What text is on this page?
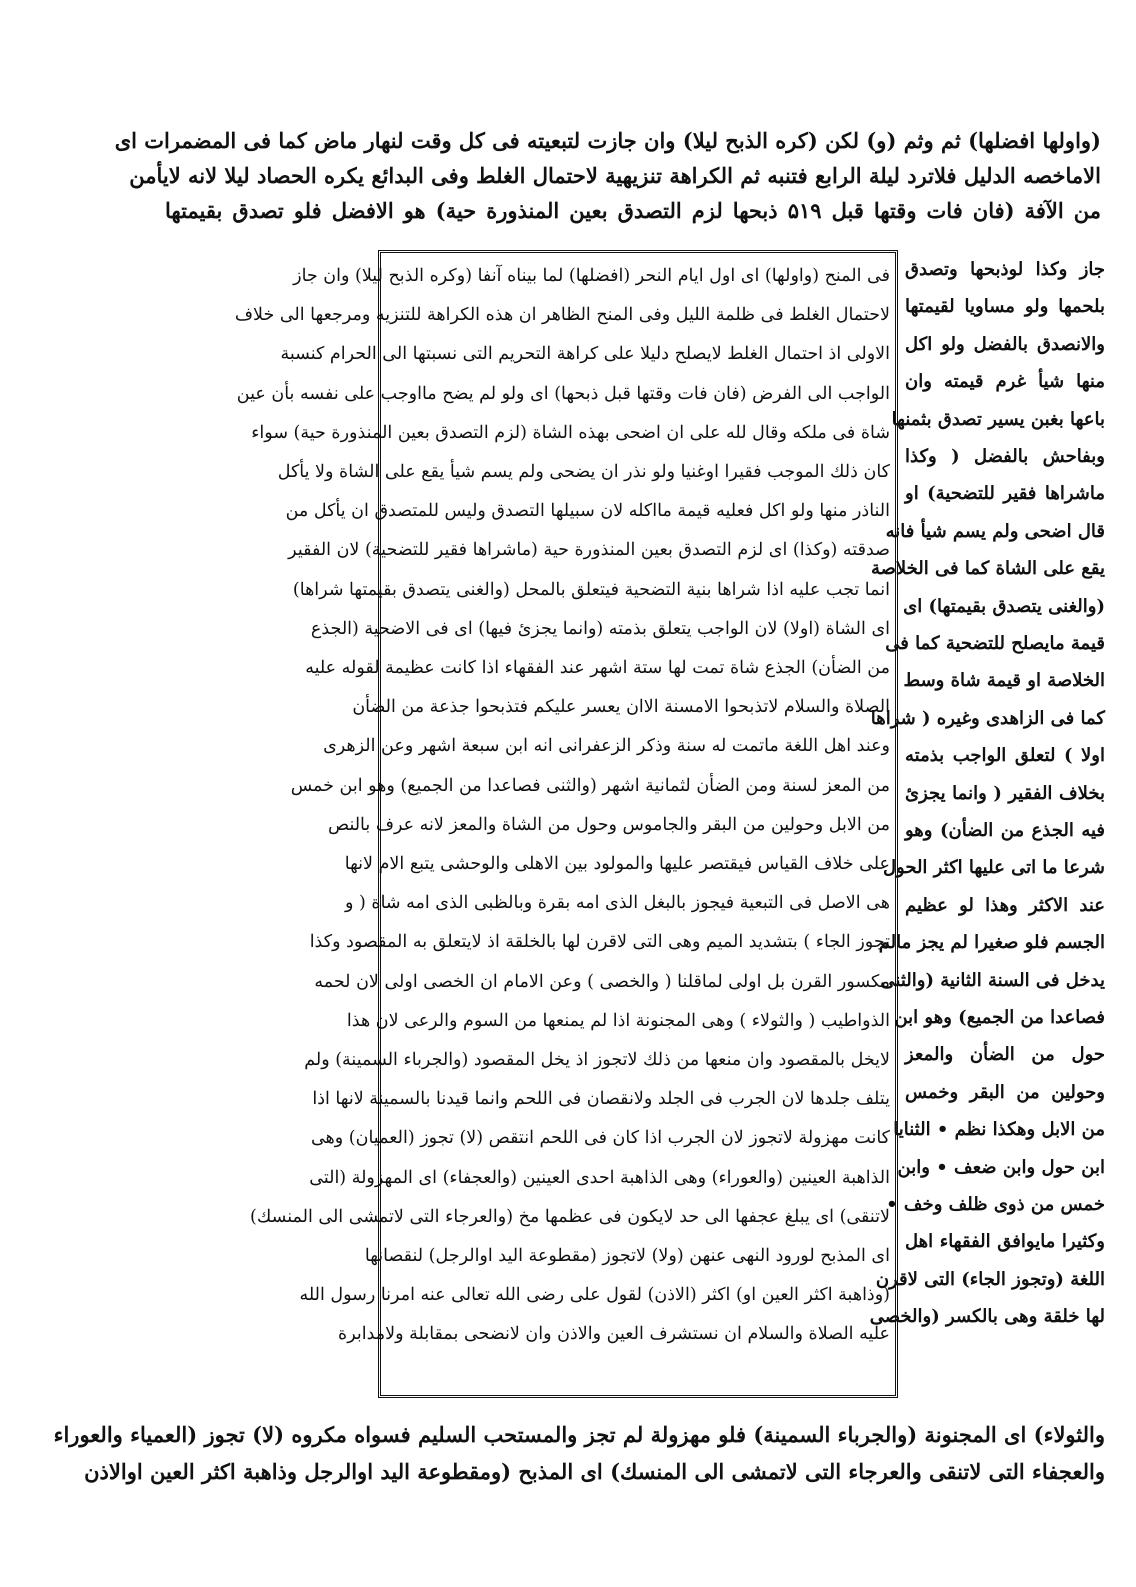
(واولها افضلها) ثم وثم (و) لكن (كره الذبح ليلا) وان جازت لتبعيته فى كل وقت لنهار ماض كما فى المضمرات اى
الاماخصه الدليل فلاترد ليلة الرابع فتنبه ثم الكراهة تنزيهية لاحتمال الغلط وفى البدائع يكره الحصاد ليلا لانه لايأمن
من الآفة (فان فات وقتها قبل ۵۱۹ ذبحها لزم التصدق بعين المنذورة حية) هو الافضل فلو تصدق بقيمتها
جاز وكذا لوذبحها وتصدق
بلحمها ولو مساويا لقيمتها
والانصدق بالفضل ولو اكل
منها شيأ غرم قيمته وان
باعها بغبن يسير تصدق بثمنها
وبفاحش بالفضل ( وكذا
ماشراها فقير للتضحية) او
قال اضحى ولم يسم شيأ فانه
يقع على الشاة كما فى الخلاصة
(والغنى يتصدق بقيمتها) اى
قيمة مايصلح للتضحية كما فى
الخلاصة او قيمة شاة وسط
كما فى الزاهدى وغيره ( شراها
اولا ) لتعلق الواجب بذمته
بخلاف الفقير ( وانما يجزئ
فيه الجذع من الضأن) وهو
شرعا ما اتى عليها اكثر الحول
عند الاكثر وهذا لو عظيم
الجسم فلو صغيرا لم يجز مالم
يدخل فى السنة الثانية (والثنى
فصاعدا من الجميع) وهو ابن
حول من الضأن والمعز
وحولين من البقر وخمس
من الابل وهكذا نظم • الثنايا
ابن حول وابن ضعف • وابن
خمس من ذوى ظلف وخف •
وكثيرا مايوافق الفقهاء اهل
اللغة (وتجوز الجاء) التى لاقرن
لها خلقة وهى بالكسر (والخصى
فى المنح (واولها) اى اول ايام النحر (افضلها) لما بيناه آنفا (وكره الذبح ليلا) وان جاز
لاحتمال الغلط فى ظلمة الليل وفى المنح الظاهر ان هذه الكراهة للتنزيه ومرجعها الى خلاف
الاولى اذ احتمال الغلط لايصلح دليلا على كراهة التحريم التى نسبتها الى الحرام كنسبة
الواجب الى الفرض (فان فات وقتها قبل ذبحها) اى ولو لم يضح مااوجب على نفسه بأن عين
شاة فى ملكه وقال لله على ان اضحى بهذه الشاة (لزم التصدق بعين المنذورة حية) سواء
كان ذلك الموجب فقيرا اوغنيا ولو نذر ان يضحى ولم يسم شيأ يقع على الشاة ولا يأكل
الناذر منها ولو اكل فعليه قيمة مااكله لان سبيلها التصدق وليس للمتصدق ان يأكل من
صدقته (وكذا) اى لزم التصدق بعين المنذورة حية (ماشراها فقير للتضحية) لان الفقير
انما تجب عليه اذا شراها بنية التضحية فيتعلق بالمحل (والغنى يتصدق بقيمتها شراها)
اى الشاة (اولا) لان الواجب يتعلق بذمته (وانما يجزئ فيها) اى فى الاضحية (الجذع
من الضأن) الجذع شاة تمت لها ستة اشهر عند الفقهاء اذا كانت عظيمة لقوله عليه
الصلاة والسلام لاتذبحوا الامسنة الاان يعسر عليكم فتذبحوا جذعة من الضأن
وعند اهل اللغة ماتمت له سنة وذكر الزعفرانى انه ابن سبعة اشهر وعن الزهرى
من المعز لسنة ومن الضأن لثمانية اشهر (والثنى فصاعدا من الجميع) وهو ابن خمس
من الابل وحولين من البقر والجاموس وحول من الشاة والمعز لانه عرف بالنص
على خلاف القياس فيقتصر عليها والمولود بين الاهلى والوحشى يتبع الام لانها
هى الاصل فى التبعية فيجوز بالبغل الذى امه بقرة وبالظبى الذى امه شاة ( و
تجوز الجاء ) بتشديد الميم وهى التى لاقرن لها بالخلقة اذ لايتعلق به المقصود وكذا
مكسور القرن بل اولى لماقلنا ( والخصى ) وعن الامام ان الخصى اولى لان لحمه
الذواطيب ( والثولاء ) وهى المجنونة اذا لم يمنعها من السوم والرعى لان هذا
لايخل بالمقصود وان منعها من ذلك لاتجوز اذ يخل المقصود (والجرباء السمينة) ولم
يتلف جلدها لان الجرب فى الجلد ولانقصان فى اللحم وانما قيدنا بالسمينة لانها اذا
كانت مهزولة لاتجوز لان الجرب اذا كان فى اللحم انتقص (لا) تجوز (العميان) وهى
الذاهبة العينين (والعوراء) وهى الذاهبة احدى العينين (والعجفاء) اى المهزولة (التى
لاتنقى) اى يبلغ عجفها الى حد لايكون فى عظمها مخ (والعرجاء التى لاتمشى الى المنسك)
اى المذبح لورود النهى عنهن (ولا) لاتجوز (مقطوعة اليد اوالرجل) لنقصانها
(وذاهبة اكثر العين او) اكثر (الاذن) لقول على رضى الله تعالى عنه امرنا رسول الله
عليه الصلاة والسلام ان نستشرف العين والاذن وان لانضحى بمقابلة ولامدابرة
والثولاء) اى المجنونة (والجرباء السمينة) فلو مهزولة لم تجز والمستحب السليم فسواه مكروه (لا) تجوز (العمياء والعوراء
والعجفاء التى لاتنقى والعرجاء التى لاتمشى الى المنسك) اى المذبح (ومقطوعة اليد اوالرجل وذاهبة اكثر العين اوالاذن
